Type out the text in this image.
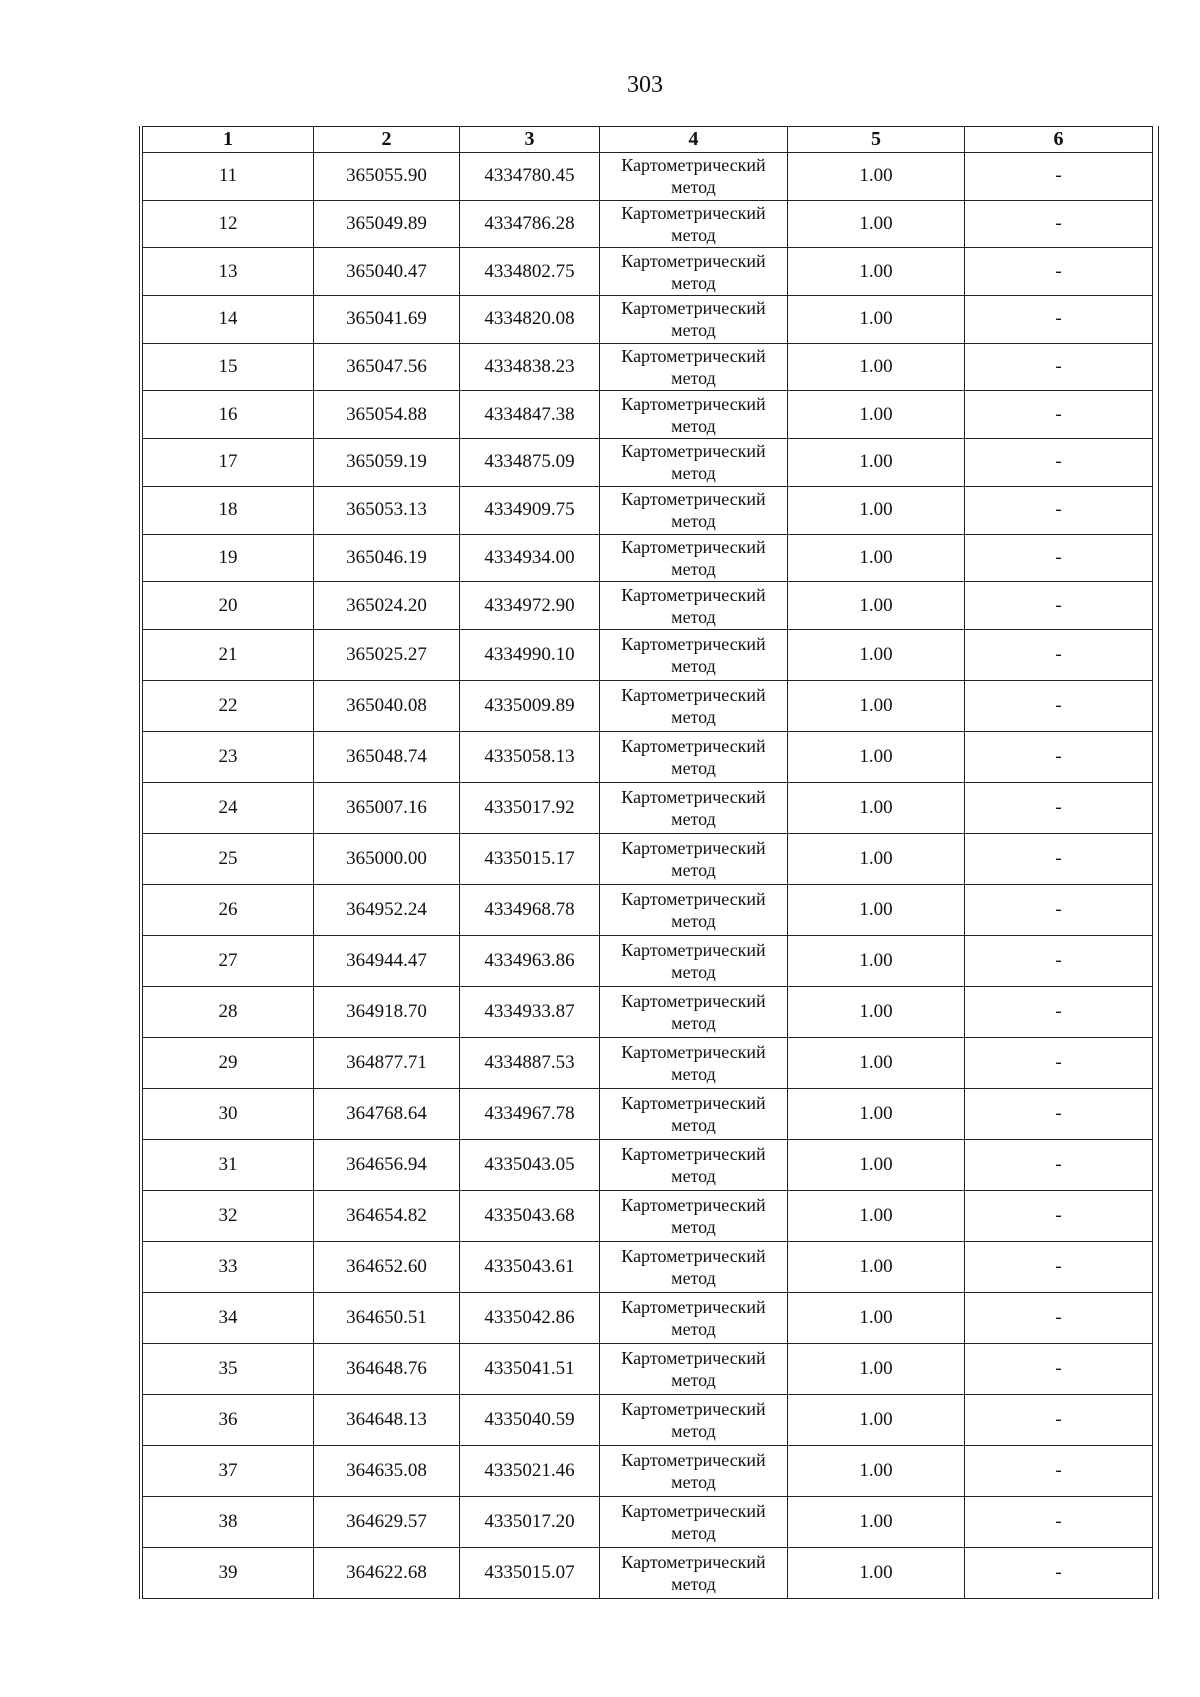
303
1	2	3	4	5	6
11	365055.90	4334780.45	Картометрический метод	1.00	-
12	365049.89	4334786.28	Картометрический метод	1.00	-
13	365040.47	4334802.75	Картометрический метод	1.00	-
14	365041.69	4334820.08	Картометрический метод	1.00	-
15	365047.56	4334838.23	Картометрический метод	1.00	-
16	365054.88	4334847.38	Картометрический метод	1.00	-
17	365059.19	4334875.09	Картометрический метод	1.00	-
18	365053.13	4334909.75	Картометрический метод	1.00	-
19	365046.19	4334934.00	Картометрический метод	1.00	-
20	365024.20	4334972.90	Картометрический метод	1.00	-
21	365025.27	4334990.10	Картометрический метод	1.00	-
22	365040.08	4335009.89	Картометрический метод	1.00	-
23	365048.74	4335058.13	Картометрический метод	1.00	-
24	365007.16	4335017.92	Картометрический метод	1.00	-
25	365000.00	4335015.17	Картометрический метод	1.00	-
26	364952.24	4334968.78	Картометрический метод	1.00	-
27	364944.47	4334963.86	Картометрический метод	1.00	-
28	364918.70	4334933.87	Картометрический метод	1.00	-
29	364877.71	4334887.53	Картометрический метод	1.00	-
30	364768.64	4334967.78	Картометрический метод	1.00	-
31	364656.94	4335043.05	Картометрический метод	1.00	-
32	364654.82	4335043.68	Картометрический метод	1.00	-
33	364652.60	4335043.61	Картометрический метод	1.00	-
34	364650.51	4335042.86	Картометрический метод	1.00	-
35	364648.76	4335041.51	Картометрический метод	1.00	-
36	364648.13	4335040.59	Картометрический метод	1.00	-
37	364635.08	4335021.46	Картометрический метод	1.00	-
38	364629.57	4335017.20	Картометрический метод	1.00	-
39	364622.68	4335015.07	Картометрический метод	1.00	-
